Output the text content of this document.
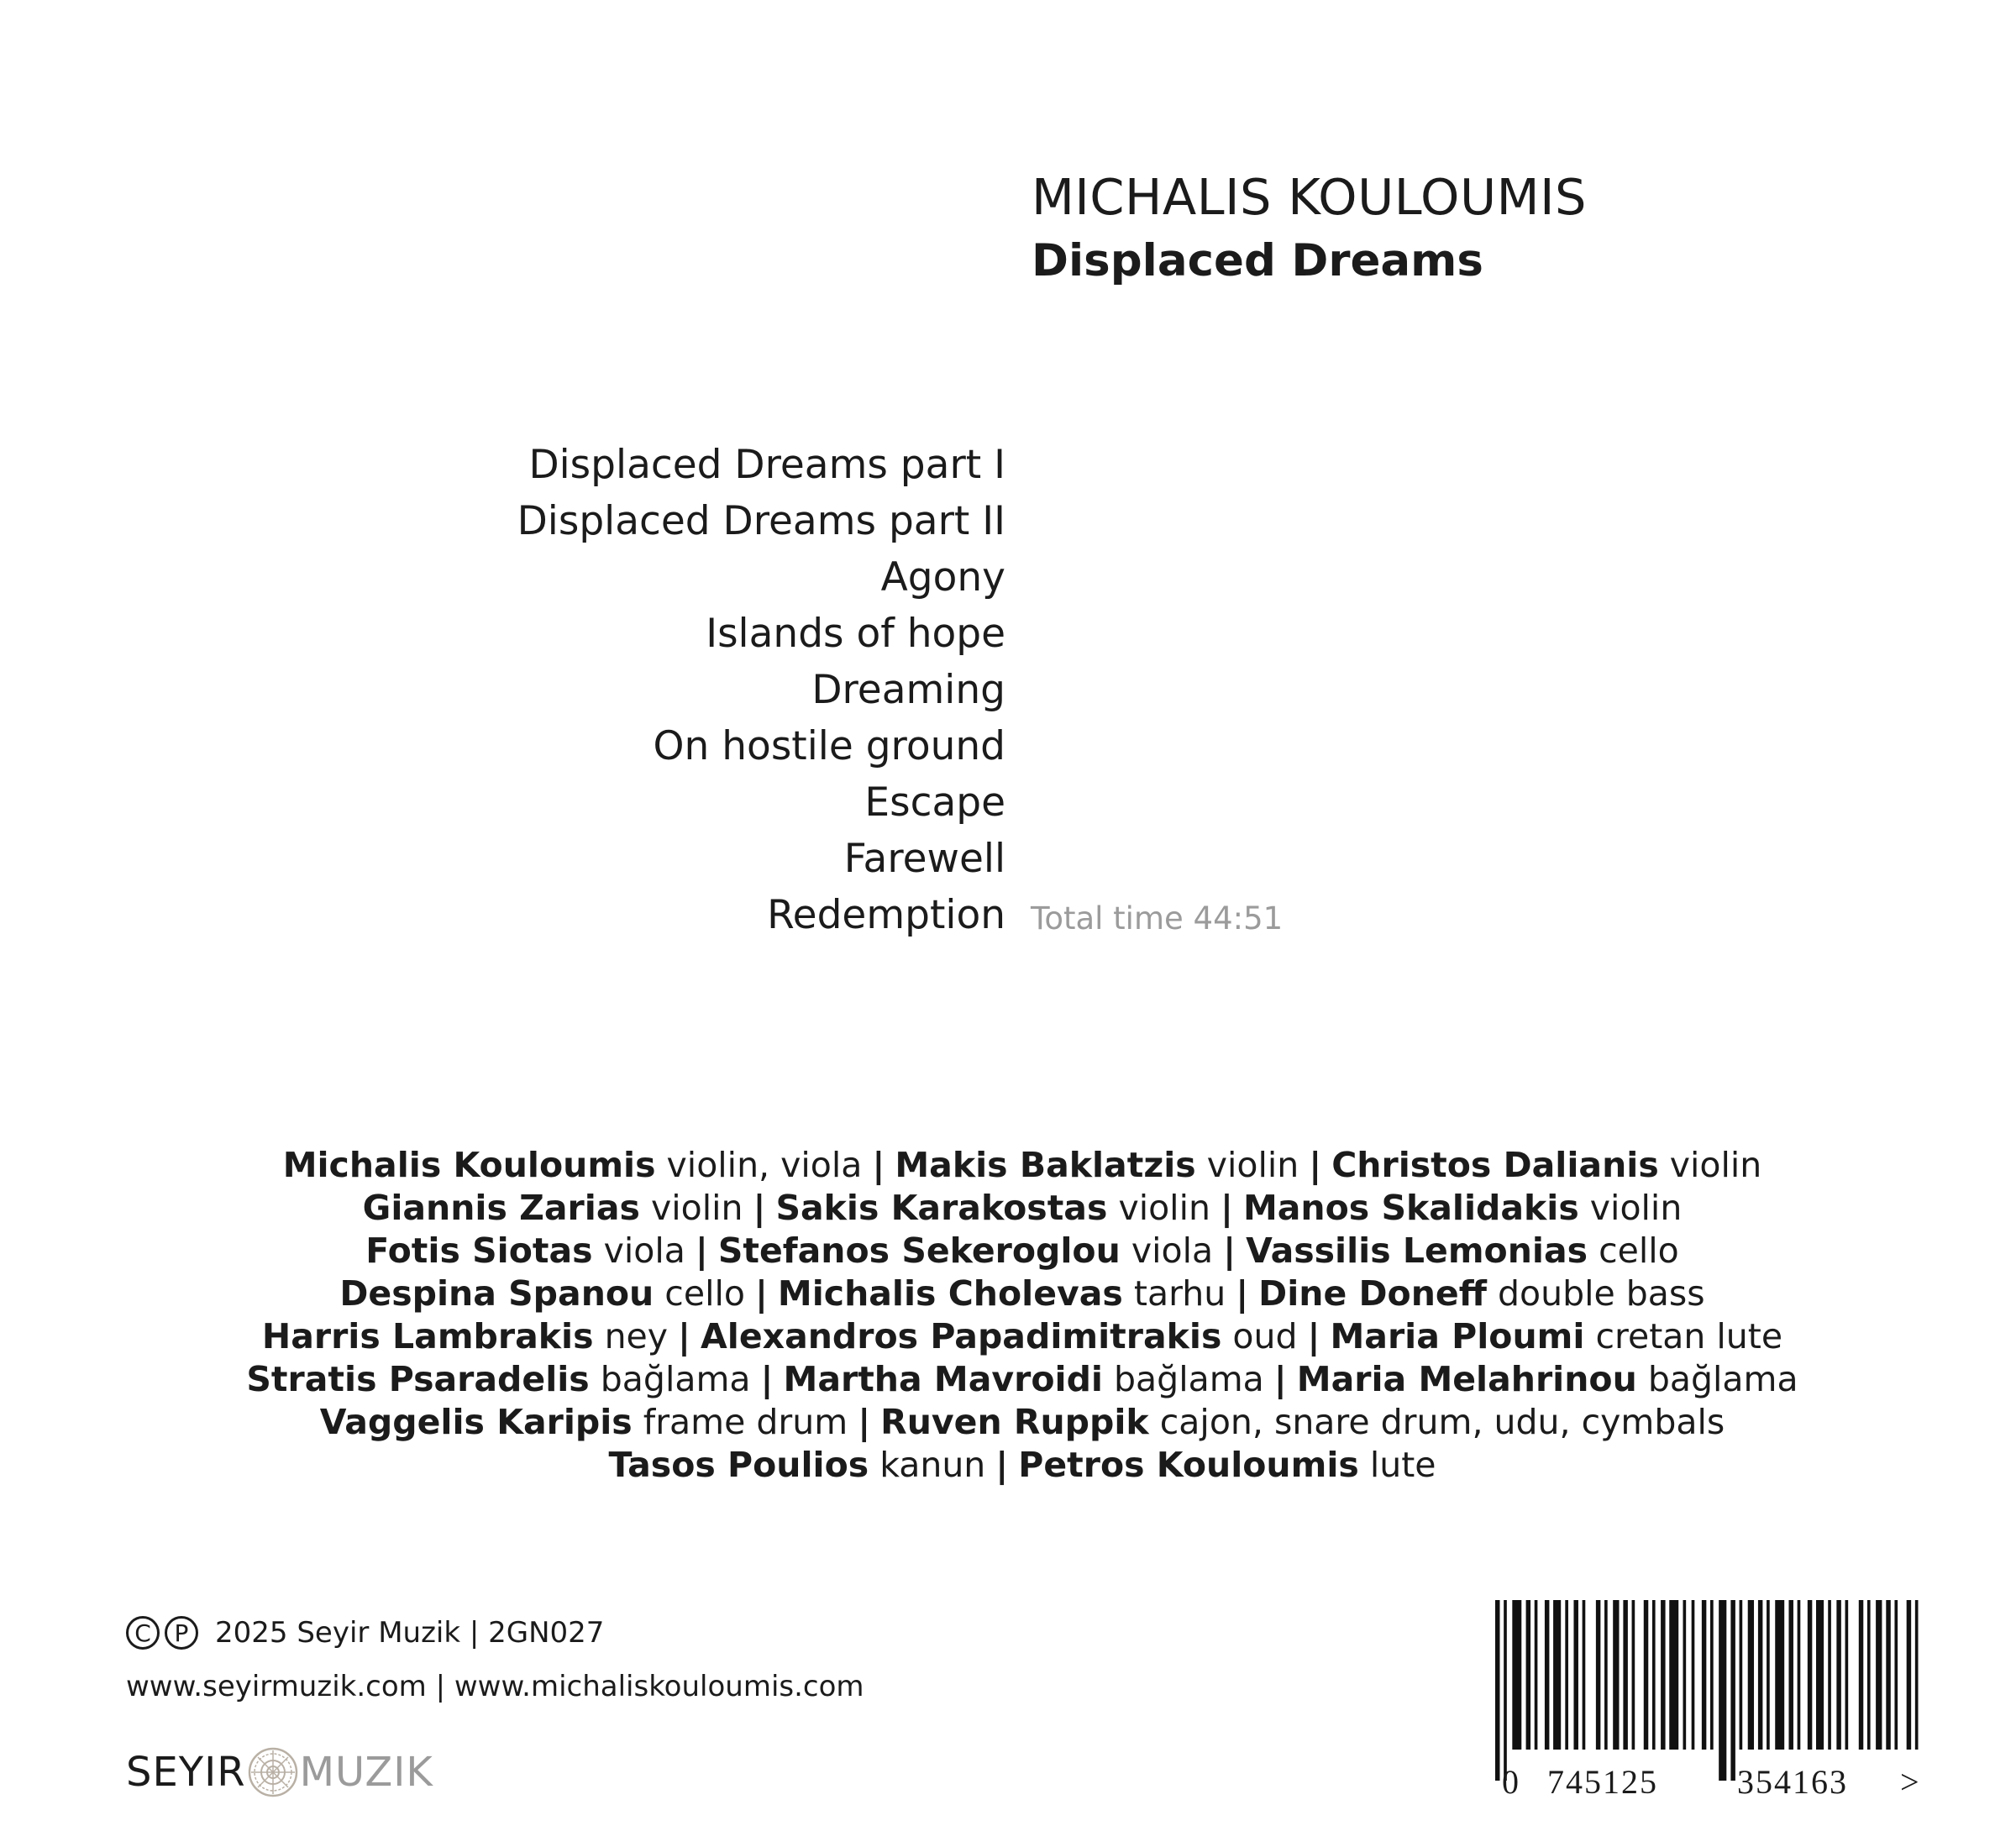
MICHALIS KOULOUMIS
Displaced Dreams
Displaced Dreams part I
Displaced Dreams part II
Agony
Islands of hope
Dreaming
On hostile ground
Escape
Farewell
Redemption Total time 44:51
Michalis Kouloumis violin, viola | Makis Baklatzis violin | Christos Dalianis violin
Giannis Zarias violin | Sakis Karakostas violin | Manos Skalidakis violin
Fotis Siotas viola | Stefanos Sekeroglou viola | Vassilis Lemonias cello
Despina Spanou cello | Michalis Cholevas tarhu | Dine Doneff double bass
Harris Lambrakis ney | Alexandros Papadimitrakis oud | Maria Ploumi cretan lute
Stratis Psaradelis bağlama | Martha Mavroidi bağlama | Maria Melahrinou bağlama
Vaggelis Karipis frame drum | Ruven Ruppik cajon, snare drum, udu, cymbals
Tasos Poulios kanun | Petros Kouloumis lute
C P 2025 Seyir Muzik | 2GN027
www.seyirmuzik.com | www.michaliskouloumis.com
SEYIR MUZIK	0 745125 354163 >
